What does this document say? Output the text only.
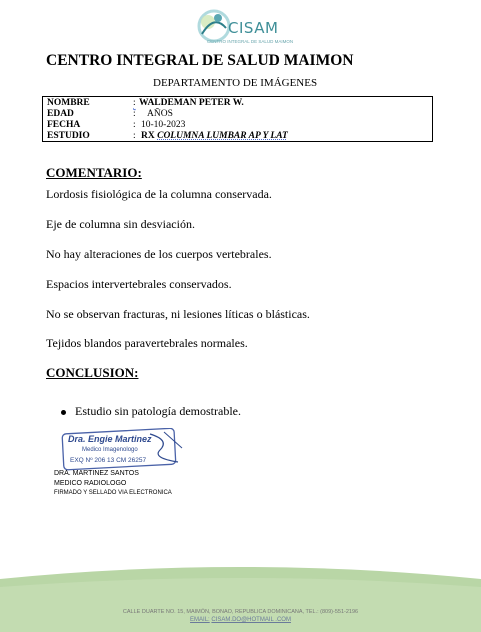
CISAM
CENTRO INTEGRAL DE SALUD MAIMON
CENTRO INTEGRAL DE SALUD MAIMON
DEPARTAMENTO DE IMÁGENES
NOMBRE	: WALDEMAN PETER W.
EDAD	: AÑOS
FECHA	: 10-10-2023
ESTUDIO	: RX COLUMNA LUMBAR AP Y LAT
COMENTARIO:
Lordosis fisiológica de la columna conservada.
Eje de columna sin desviación.
No hay alteraciones de los cuerpos vertebrales.
Espacios intervertebrales conservados.
No se observan fracturas, ni lesiones líticas o blásticas.
Tejidos blandos paravertebrales normales.
CONCLUSION:
Estudio sin patología demostrable.
Dra. Engie Martinez
Medico Imagenologo
EXQ Nº 206 13 CM 26257
DRA. MARTINEZ SANTOS
MEDICO RADIOLOGO
FIRMADO Y SELLADO VIA ELECTRONICA
CALLE DUARTE NO. 15, MAIMÓN, BONAO, REPUBLICA DOMINICANA, TEL.: (809)-551-2196
EMAIL: CISAM.DO@HOTMAIL .COM
